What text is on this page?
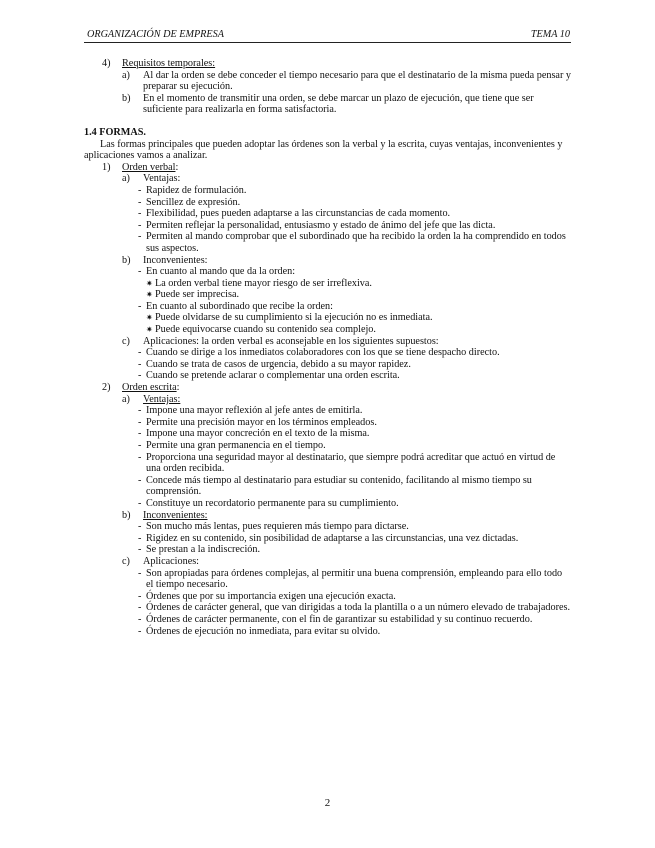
ORGANIZACIÓN DE EMPRESA	TEMA 10
4) Requisitos temporales:
a) Al dar la orden se debe conceder el tiempo necesario para que el destinatario de la misma pueda pensar y preparar su ejecución.
b) En el momento de transmitir una orden, se debe marcar un plazo de ejecución, que tiene que ser suficiente para realizarla en forma satisfactoria.
1.4 FORMAS.
Las formas principales que pueden adoptar las órdenes son la verbal y la escrita, cuyas ventajas, inconvenientes y aplicaciones vamos a analizar.
1) Orden verbal:
a) Ventajas:
- Rapidez de formulación.
- Sencillez de expresión.
- Flexibilidad, pues pueden adaptarse a las circunstancias de cada momento.
- Permiten reflejar la personalidad, entusiasmo y estado de ánimo del jefe que las dicta.
- Permiten al mando comprobar que el subordinado que ha recibido la orden la ha comprendido en todos sus aspectos.
b) Inconvenientes:
- En cuanto al mando que da la orden:
✷ La orden verbal tiene mayor riesgo de ser irreflexiva.
✷ Puede ser imprecisa.
- En cuanto al subordinado que recibe la orden:
✷ Puede olvidarse de su cumplimiento si la ejecución no es inmediata.
✷ Puede equivocarse cuando su contenido sea complejo.
c) Aplicaciones: la orden verbal es aconsejable en los siguientes supuestos:
- Cuando se dirige a los inmediatos colaboradores con los que se tiene despacho directo.
- Cuando se trata de casos de urgencia, debido a su mayor rapidez.
- Cuando se pretende aclarar o complementar una orden escrita.
2) Orden escrita:
a) Ventajas:
- Impone una mayor reflexión al jefe antes de emitirla.
- Permite una precisión mayor en los términos empleados.
- Impone una mayor concreción en el texto de la misma.
- Permite una gran permanencia en el tiempo.
- Proporciona una seguridad mayor al destinatario, que siempre podrá acreditar que actuó en virtud de una orden recibida.
- Concede más tiempo al destinatario para estudiar su contenido, facilitando al mismo tiempo su comprensión.
- Constituye un recordatorio permanente para su cumplimiento.
b) Inconvenientes:
- Son mucho más lentas, pues requieren más tiempo para dictarse.
- Rigidez en su contenido, sin posibilidad de adaptarse a las circunstancias, una vez dictadas.
- Se prestan a la indiscreción.
c) Aplicaciones:
- Son apropiadas para órdenes complejas, al permitir una buena comprensión, empleando para ello todo el tiempo necesario.
- Órdenes que por su importancia exigen una ejecución exacta.
- Órdenes de carácter general, que van dirigidas a toda la plantilla o a un número elevado de trabajadores.
- Órdenes de carácter permanente, con el fin de garantizar su estabilidad y su continuo recuerdo.
- Órdenes de ejecución no inmediata, para evitar su olvido.
2
